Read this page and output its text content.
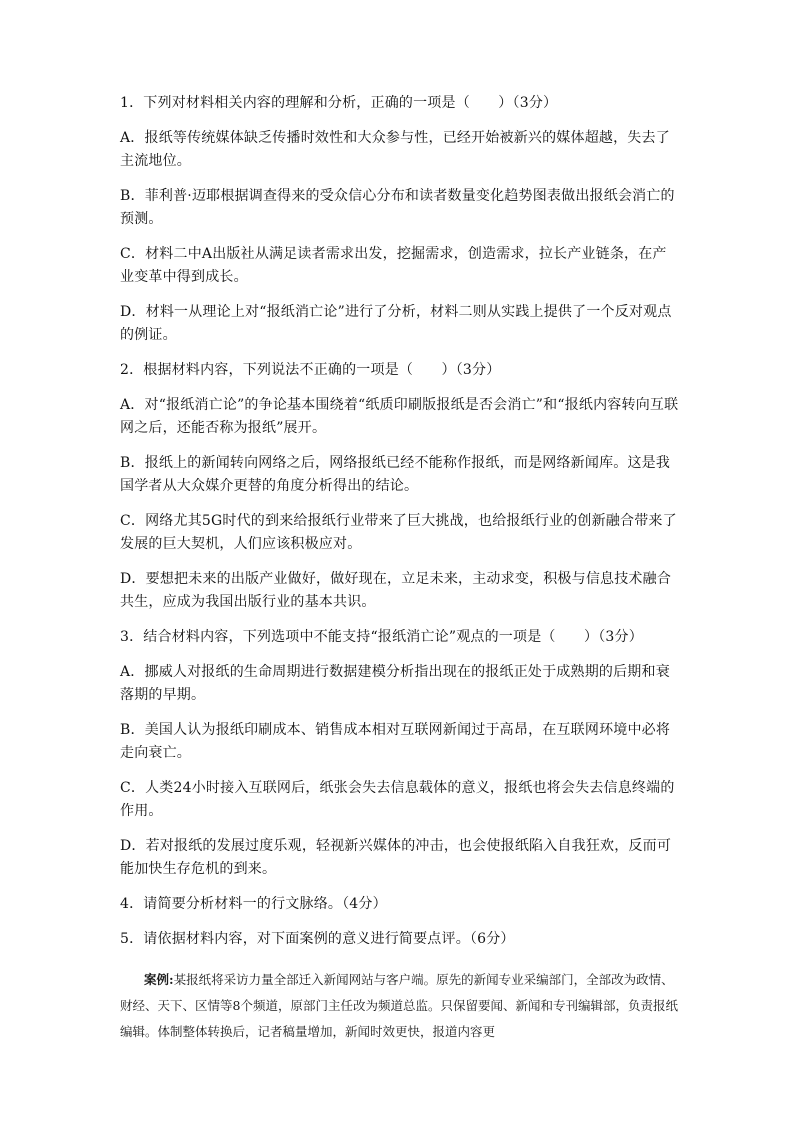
1．下列对材料相关内容的理解和分析，正确的一项是（　　）（3分）

A．报纸等传统媒体缺乏传播时效性和大众参与性，已经开始被新兴的媒体超越，失去了主流地位。

B．菲利普·迈耶根据调查得来的受众信心分布和读者数量变化趋势图表做出报纸会消亡的预测。

C．材料二中A出版社从满足读者需求出发，挖掘需求，创造需求，拉长产业链条，在产业变革中得到成长。

D．材料一从理论上对“报纸消亡论”进行了分析，材料二则从实践上提供了一个反对观点的例证。

2．根据材料内容，下列说法不正确的一项是（　　）（3分）

A．对“报纸消亡论”的争论基本围绕着“纸质印刷版报纸是否会消亡”和“报纸内容转向互联网之后，还能否称为报纸”展开。

B．报纸上的新闻转向网络之后，网络报纸已经不能称作报纸，而是网络新闻库。这是我国学者从大众媒介更替的角度分析得出的结论。

C．网络尤其5G时代的到来给报纸行业带来了巨大挑战，也给报纸行业的创新融合带来了发展的巨大契机，人们应该积极应对。

D．要想把未来的出版产业做好，做好现在，立足未来，主动求变，积极与信息技术融合共生，应成为我国出版行业的基本共识。

3．结合材料内容，下列选项中不能支持“报纸消亡论”观点的一项是（　　）（3分）

A．挪威人对报纸的生命周期进行数据建模分析指出现在的报纸正处于成熟期的后期和衰落期的早期。

B．美国人认为报纸印刷成本、销售成本相对互联网新闻过于高昂，在互联网环境中必将走向衰亡。

C．人类24小时接入互联网后，纸张会失去信息载体的意义，报纸也将会失去信息终端的作用。

D．若对报纸的发展过度乐观，轻视新兴媒体的冲击，也会使报纸陷入自我狂欢，反而可能加快生存危机的到来。

4．请简要分析材料一的行文脉络。（4分）

5．请依据材料内容，对下面案例的意义进行简要点评。（6分）

案例:某报纸将采访力量全部迁入新闻网站与客户端。原先的新闻专业采编部门，全部改为政情、财经、天下、区情等8个频道，原部门主任改为频道总监。只保留要闻、新闻和专刊编辑部，负责报纸编辑。体制整体转换后，记者稿量增加，新闻时效更快，报道内容更
